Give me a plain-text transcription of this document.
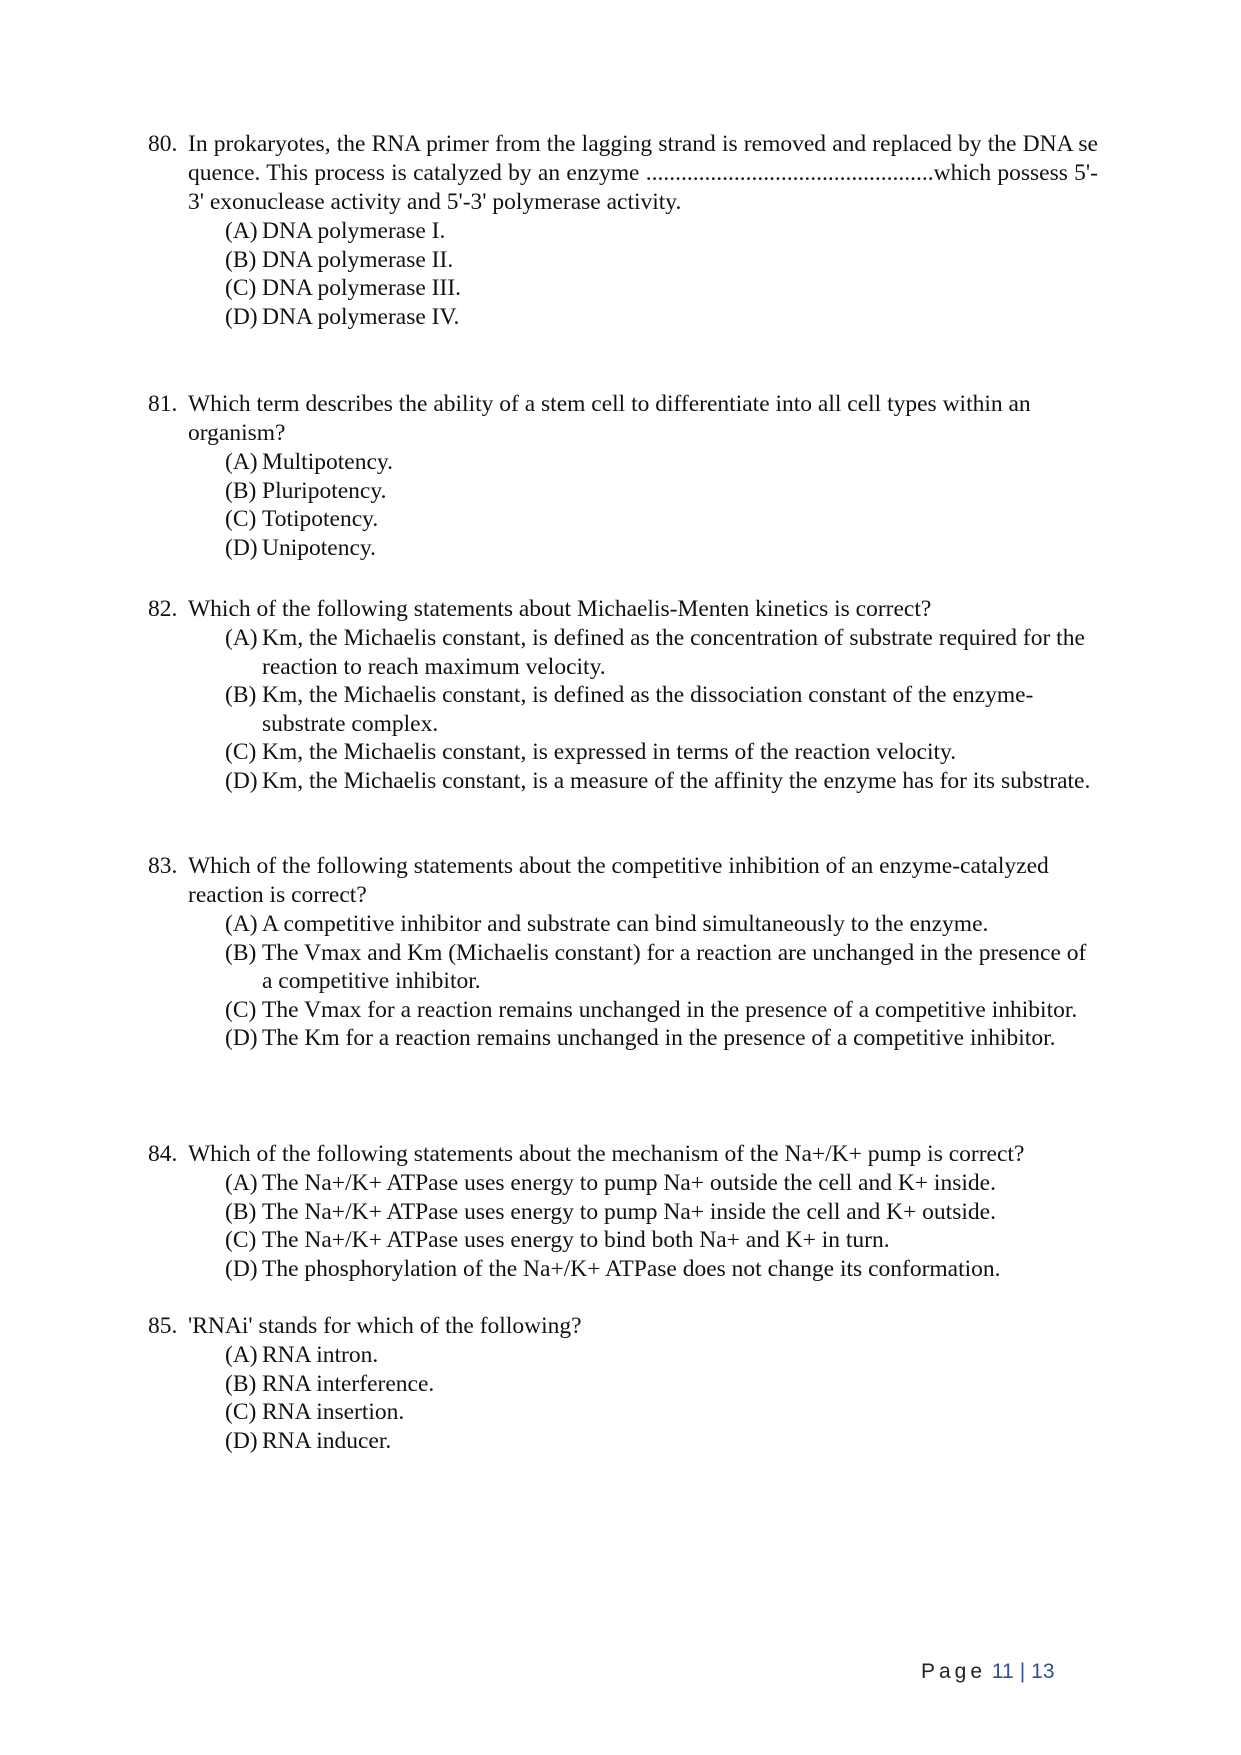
80. In prokaryotes, the RNA primer from the lagging strand is removed and replaced by the DNA sequence. This process is catalyzed by an enzyme .................................................which possess 5'-3' exonuclease activity and 5'-3' polymerase activity.
(A) DNA polymerase I.
(B) DNA polymerase II.
(C) DNA polymerase III.
(D) DNA polymerase IV.
81. Which term describes the ability of a stem cell to differentiate into all cell types within an organism?
(A) Multipotency.
(B) Pluripotency.
(C) Totipotency.
(D) Unipotency.
82. Which of the following statements about Michaelis-Menten kinetics is correct?
(A) Km, the Michaelis constant, is defined as the concentration of substrate required for the reaction to reach maximum velocity.
(B) Km, the Michaelis constant, is defined as the dissociation constant of the enzyme-substrate complex.
(C) Km, the Michaelis constant, is expressed in terms of the reaction velocity.
(D) Km, the Michaelis constant, is a measure of the affinity the enzyme has for its substrate.
83. Which of the following statements about the competitive inhibition of an enzyme-catalyzed reaction is correct?
(A) A competitive inhibitor and substrate can bind simultaneously to the enzyme.
(B) The Vmax and Km (Michaelis constant) for a reaction are unchanged in the presence of a competitive inhibitor.
(C) The Vmax for a reaction remains unchanged in the presence of a competitive inhibitor.
(D) The Km for a reaction remains unchanged in the presence of a competitive inhibitor.
84. Which of the following statements about the mechanism of the Na+/K+ pump is correct?
(A) The Na+/K+ ATPase uses energy to pump Na+ outside the cell and K+ inside.
(B) The Na+/K+ ATPase uses energy to pump Na+ inside the cell and K+ outside.
(C) The Na+/K+ ATPase uses energy to bind both Na+ and K+ in turn.
(D) The phosphorylation of the Na+/K+ ATPase does not change its conformation.
85. 'RNAi' stands for which of the following?
(A) RNA intron.
(B) RNA interference.
(C) RNA insertion.
(D) RNA inducer.
Page 11 | 13
